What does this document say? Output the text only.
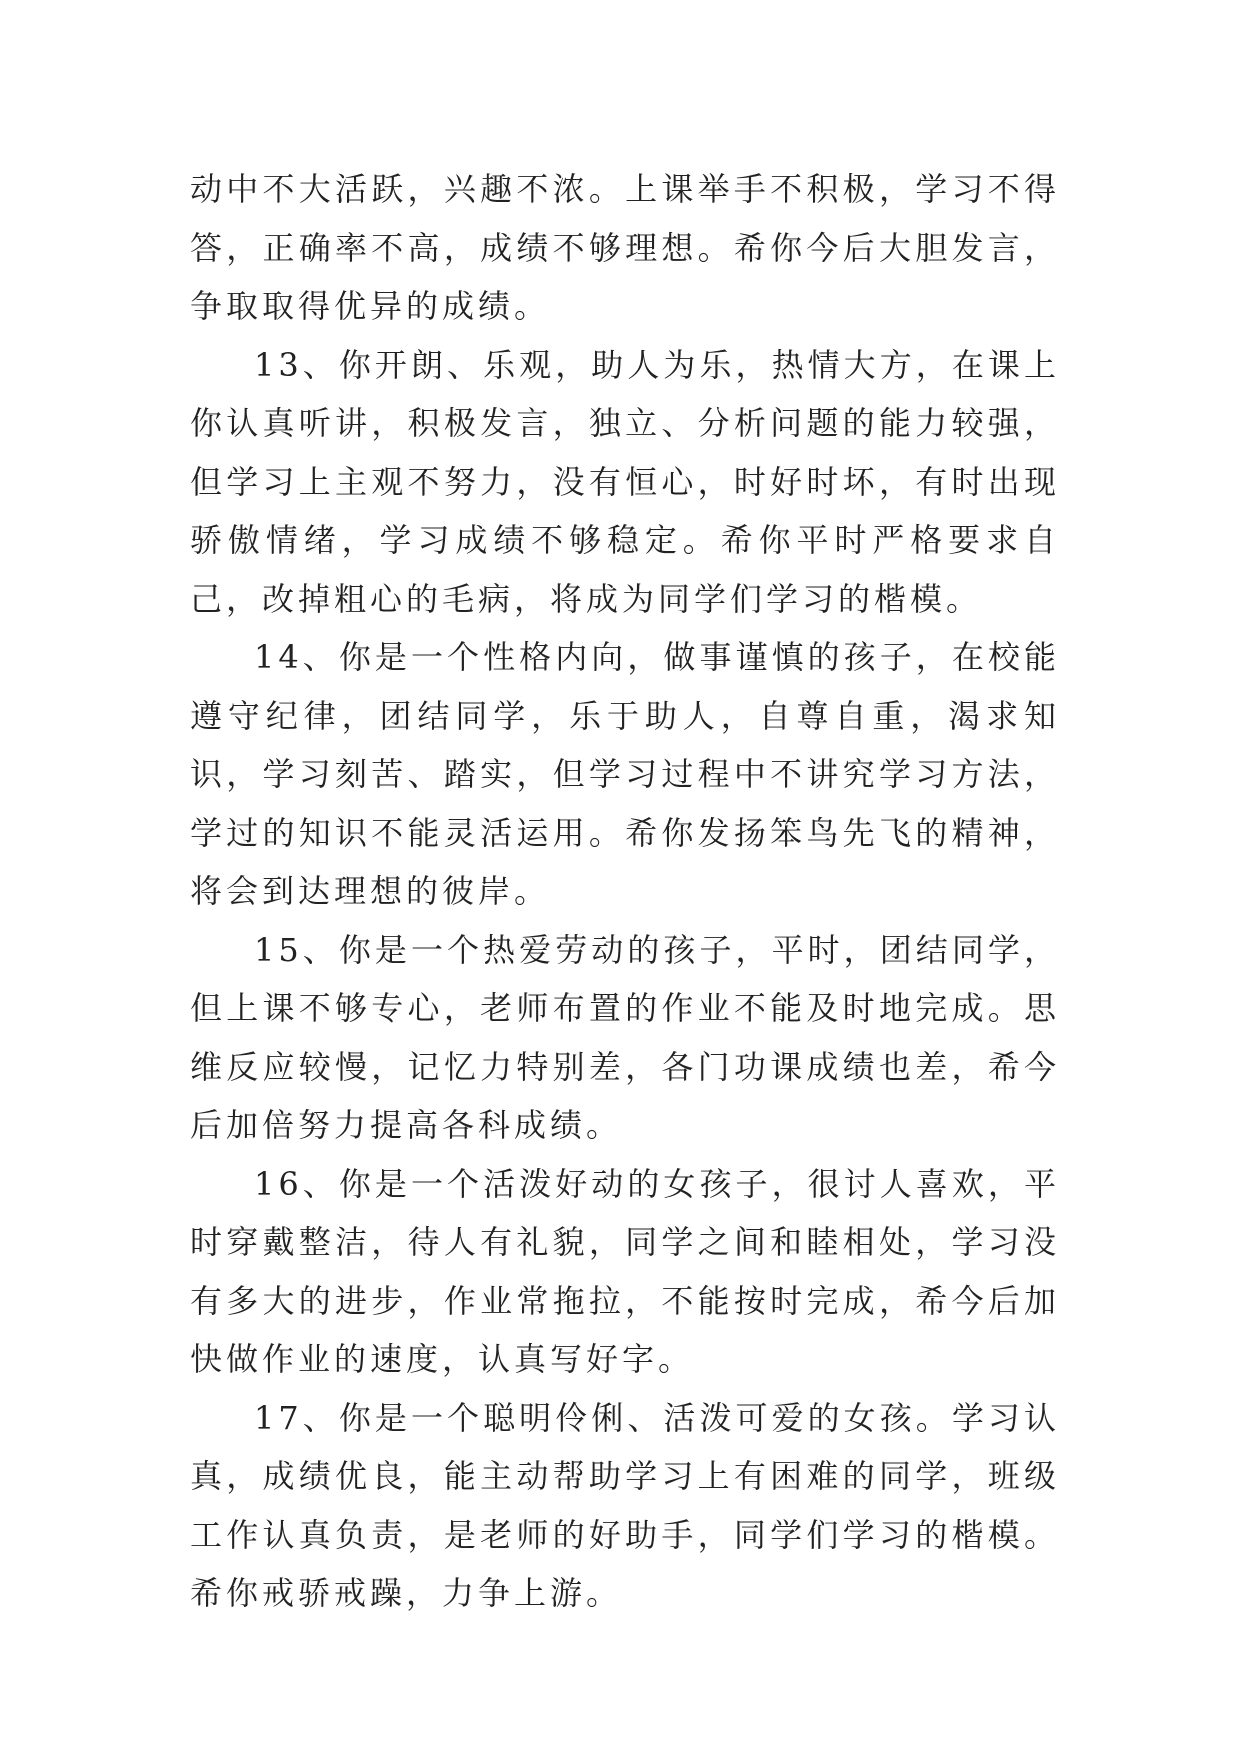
动中不大活跃，兴趣不浓。上课举手不积极，学习不得答，正确率不高，成绩不够理想。希你今后大胆发言，争取取得优异的成绩。

13、你开朗、乐观，助人为乐，热情大方，在课上你认真听讲，积极发言，独立、分析问题的能力较强，但学习上主观不努力，没有恒心，时好时坏，有时出现骄傲情绪，学习成绩不够稳定。希你平时严格要求自己，改掉粗心的毛病，将成为同学们学习的楷模。

14、你是一个性格内向，做事谨慎的孩子，在校能遵守纪律，团结同学，乐于助人，自尊自重，渴求知识，学习刻苦、踏实，但学习过程中不讲究学习方法，学过的知识不能灵活运用。希你发扬笨鸟先飞的精神，将会到达理想的彼岸。

15、你是一个热爱劳动的孩子，平时，团结同学，但上课不够专心，老师布置的作业不能及时地完成。思维反应较慢，记忆力特别差，各门功课成绩也差，希今后加倍努力提高各科成绩。

16、你是一个活泼好动的女孩子，很讨人喜欢，平时穿戴整洁，待人有礼貌，同学之间和睦相处，学习没有多大的进步，作业常拖拉，不能按时完成，希今后加快做作业的速度，认真写好字。

17、你是一个聪明伶俐、活泼可爱的女孩。学习认真，成绩优良，能主动帮助学习上有困难的同学，班级工作认真负责，是老师的好助手，同学们学习的楷模。希你戒骄戒躁，力争上游。
